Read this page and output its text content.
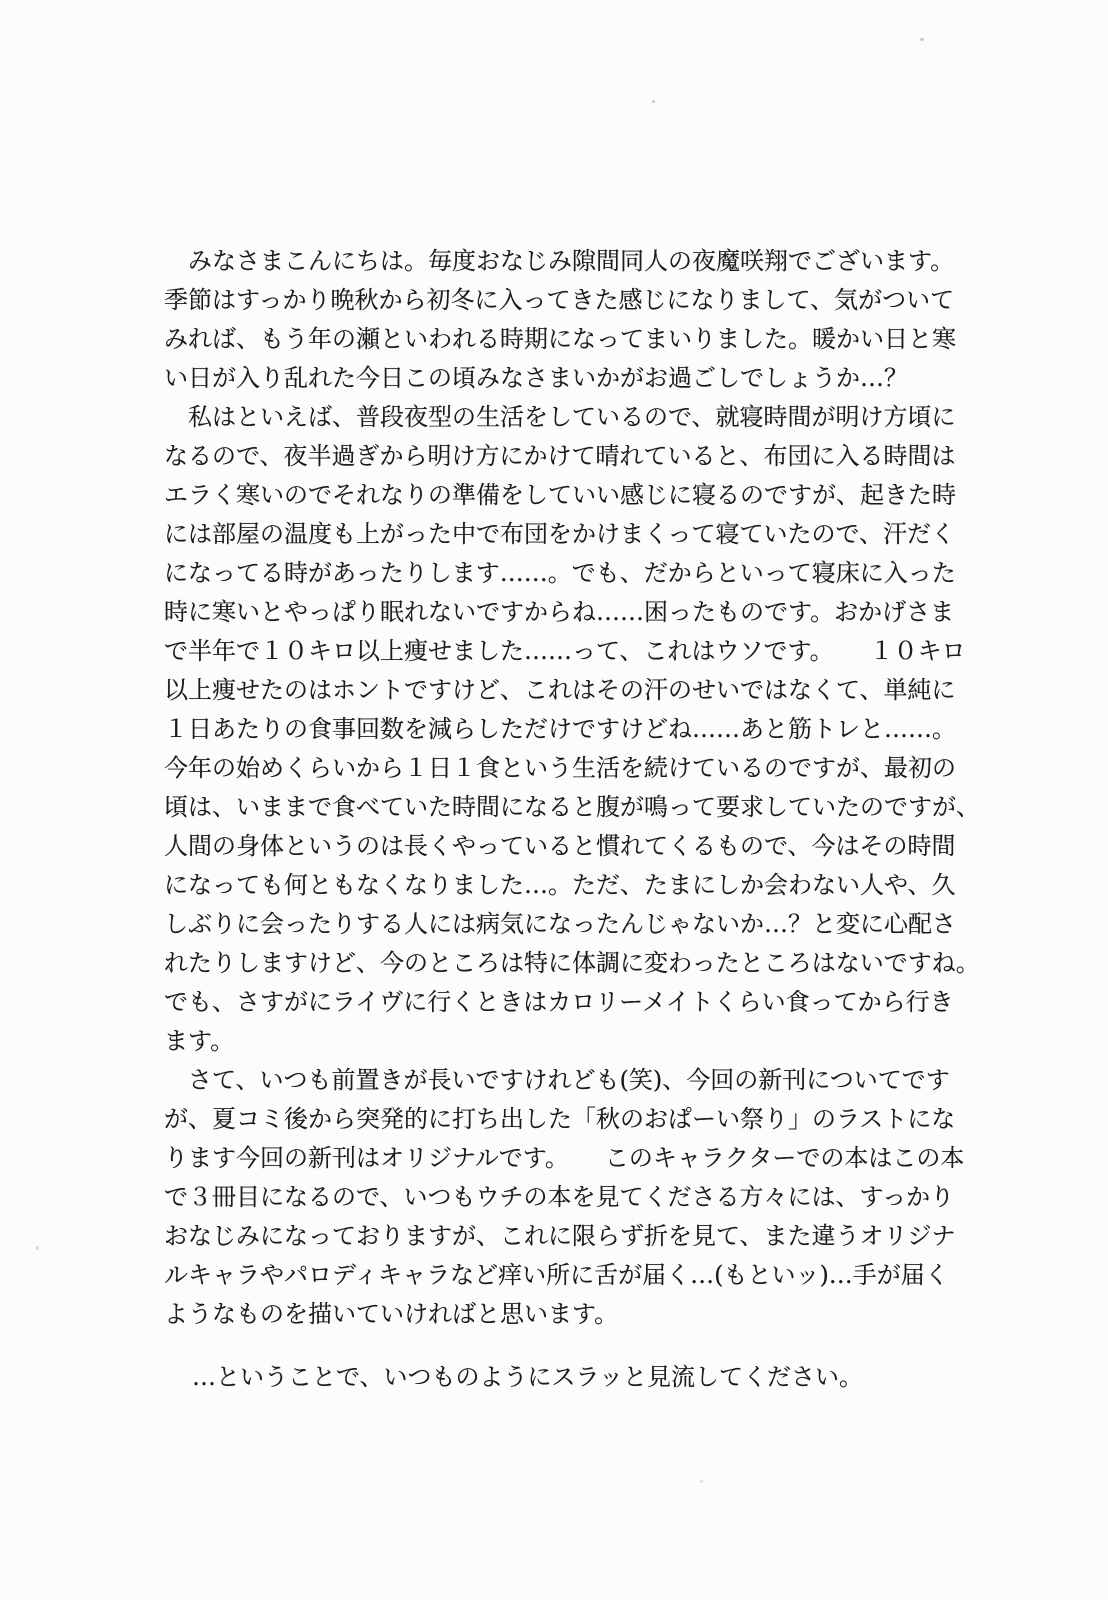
　みなさまこんにちは。毎度おなじみ隙間同人の夜魔咲翔でございます。
季節はすっかり晩秋から初冬に入ってきた感じになりまして、気がついて
みれば、もう年の瀬といわれる時期になってまいりました。暖かい日と寒
い日が入り乱れた今日この頃みなさまいかがお過ごしでしょうか…？
　私はといえば、普段夜型の生活をしているので、就寝時間が明け方頃に
なるので、夜半過ぎから明け方にかけて晴れていると、布団に入る時間は
エラく寒いのでそれなりの準備をしていい感じに寝るのですが、起きた時
には部屋の温度も上がった中で布団をかけまくって寝ていたので、汗だく
になってる時があったりします……。でも、だからといって寝床に入った
時に寒いとやっぱり眠れないですからね……困ったものです。おかげさま
で半年で１０キロ以上痩せました……って、これはウソです。　　１０キロ
以上痩せたのはホントですけど、これはその汗のせいではなくて、単純に
１日あたりの食事回数を減らしただけですけどね……あと筋トレと……。
今年の始めくらいから１日１食という生活を続けているのですが、最初の
頃は、いままで食べていた時間になると腹が鳴って要求していたのですが、
人間の身体というのは長くやっていると慣れてくるもので、今はその時間
になっても何ともなくなりました…。ただ、たまにしか会わない人や、久
しぶりに会ったりする人には病気になったんじゃないか…？と変に心配さ
れたりしますけど、今のところは特に体調に変わったところはないですね。
でも、さすがにライヴに行くときはカロリーメイトくらい食ってから行き
ます。
　さて、いつも前置きが長いですけれども(笑)、今回の新刊についてです
が、夏コミ後から突発的に打ち出した「秋のおぱーい祭り」のラストにな
ります今回の新刊はオリジナルです。　　このキャラクターでの本はこの本
で３冊目になるので、いつもウチの本を見てくださる方々には、すっかり
おなじみになっておりますが、これに限らず折を見て、また違うオリジナ
ルキャラやパロディキャラなど痒い所に舌が届く…(もといッ)…手が届く
ようなものを描いていければと思います。
…ということで、いつものようにスラッと見流してください。
